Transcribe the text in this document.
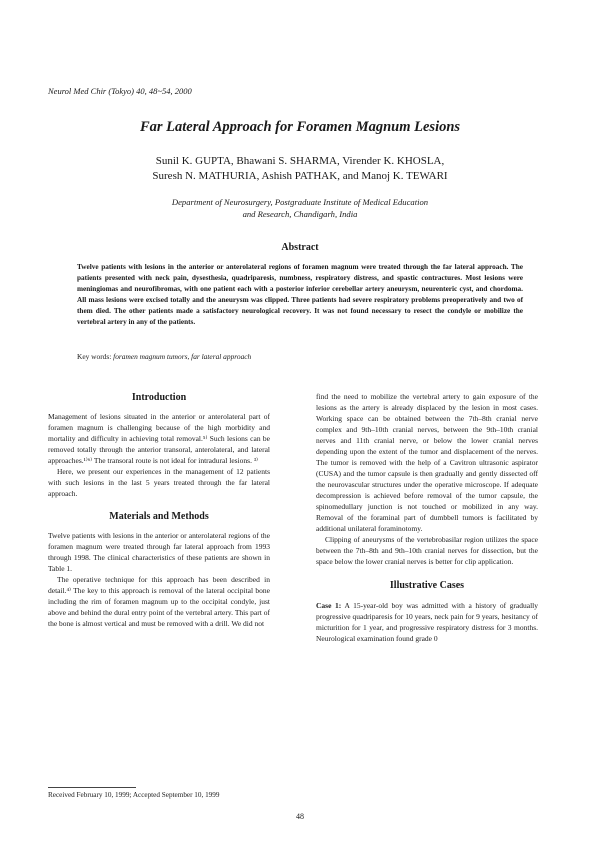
Neurol Med Chir (Tokyo) 40, 48~54, 2000
Far Lateral Approach for Foramen Magnum Lesions
Sunil K. GUPTA, Bhawani S. SHARMA, Virender K. KHOSLA,
Suresh N. MATHURIA, Ashish PATHAK, and Manoj K. TEWARI
Department of Neurosurgery, Postgraduate Institute of Medical Education
and Research, Chandigarh, India
Abstract
Twelve patients with lesions in the anterior or anterolateral regions of foramen magnum were treated through the far lateral approach. The patients presented with neck pain, dysesthesia, quadriparesis, numbness, respiratory distress, and spastic contractures. Most lesions were meningiomas and neurofibromas, with one patient each with a posterior inferior cerebellar artery aneurysm, neurenteric cyst, and chordoma. All mass lesions were excised totally and the aneurysm was clipped. Three patients had severe respiratory problems preoperatively and two of them died. The other patients made a satisfactory neurological recovery. It was not found necessary to resect the condyle or mobilize the vertebral artery in any of the patients.
Key words: foramen magnum tumors, far lateral approach
Introduction

Management of lesions situated in the anterior or anterolateral part of foramen magnum is challenging because of the high morbidity and mortality and difficulty in achieving total removal.⁵⁾ Such lesions can be removed totally through the anterior transoral, anterolateral, and lateral approaches.¹⁾⁶⁾ The transoral route is not ideal for intradural lesions. ³⁾

Here, we present our experiences in the management of 12 patients with such lesions in the last 5 years treated through the far lateral approach.

Materials and Methods

Twelve patients with lesions in the anterior or anterolateral regions of the foramen magnum were treated through far lateral approach from 1993 through 1998. The clinical characteristics of these patients are shown in Table 1.

The operative technique for this approach has been described in detail.⁴⁾ The key to this approach is removal of the lateral occipital bone including the rim of foramen magnum up to the occipital condyle, just above and behind the dural entry point of the vertebral artery. This part of the bone is almost vertical and must be removed with a drill. We did not

find the need to mobilize the vertebral artery to gain exposure of the lesions as the artery is already displaced by the lesion in most cases. Working space can be obtained between the 7th–8th cranial nerve complex and 9th–10th cranial nerves, between the 9th–10th cranial nerves and 11th cranial nerve, or below the lower cranial nerves depending upon the extent of the tumor and displacement of the nerves. The tumor is removed with the help of a Cavitron ultrasonic aspirator (CUSA) and the tumor capsule is then gradually and gently dissected off the neurovascular structures under the operative microscope. If adequate decompression is achieved before removal of the tumor capsule, the spinomedullary junction is not touched or mobilized in any way. Removal of the foraminal part of dumbbell tumors is facilitated by additional unilateral foraminotomy.

Clipping of aneurysms of the vertebrobasilar region utilizes the space between the 7th–8th and 9th–10th cranial nerves for dissection, but the space below the lower cranial nerves is better for clip application.

Illustrative Cases

Case 1: A 15-year-old boy was admitted with a history of gradually progressive quadriparesis for 10 years, neck pain for 9 years, hesitancy of micturition for 1 year, and progressive respiratory distress for 3 months. Neurological examination found grade 0

Received February 10, 1999; Accepted September 10, 1999
48
